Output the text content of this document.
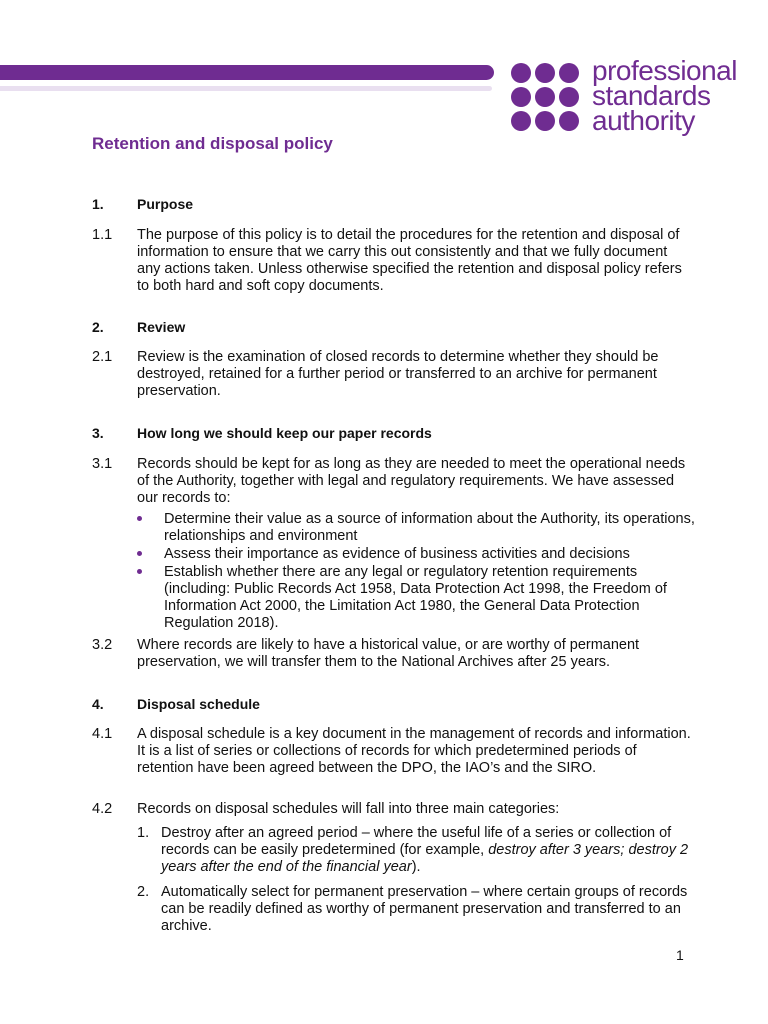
professional
standards
authority
Retention and disposal policy
1. Purpose
1.1 The purpose of this policy is to detail the procedures for the retention and disposal of information to ensure that we carry this out consistently and that we fully document any actions taken. Unless otherwise specified the retention and disposal policy refers to both hard and soft copy documents.
2. Review
2.1 Review is the examination of closed records to determine whether they should be destroyed, retained for a further period or transferred to an archive for permanent preservation.
3. How long we should keep our paper records
3.1 Records should be kept for as long as they are needed to meet the operational needs of the Authority, together with legal and regulatory requirements. We have assessed our records to:
Determine their value as a source of information about the Authority, its operations, relationships and environment
Assess their importance as evidence of business activities and decisions
Establish whether there are any legal or regulatory retention requirements (including: Public Records Act 1958, Data Protection Act 1998, the Freedom of Information Act 2000, the Limitation Act 1980, the General Data Protection Regulation 2018).
3.2 Where records are likely to have a historical value, or are worthy of permanent preservation, we will transfer them to the National Archives after 25 years.
4. Disposal schedule
4.1 A disposal schedule is a key document in the management of records and information. It is a list of series or collections of records for which predetermined periods of retention have been agreed between the DPO, the IAO’s and the SIRO.
4.2 Records on disposal schedules will fall into three main categories:
1. Destroy after an agreed period – where the useful life of a series or collection of records can be easily predetermined (for example, destroy after 3 years; destroy 2 years after the end of the financial year).
2. Automatically select for permanent preservation – where certain groups of records can be readily defined as worthy of permanent preservation and transferred to an archive.
1
